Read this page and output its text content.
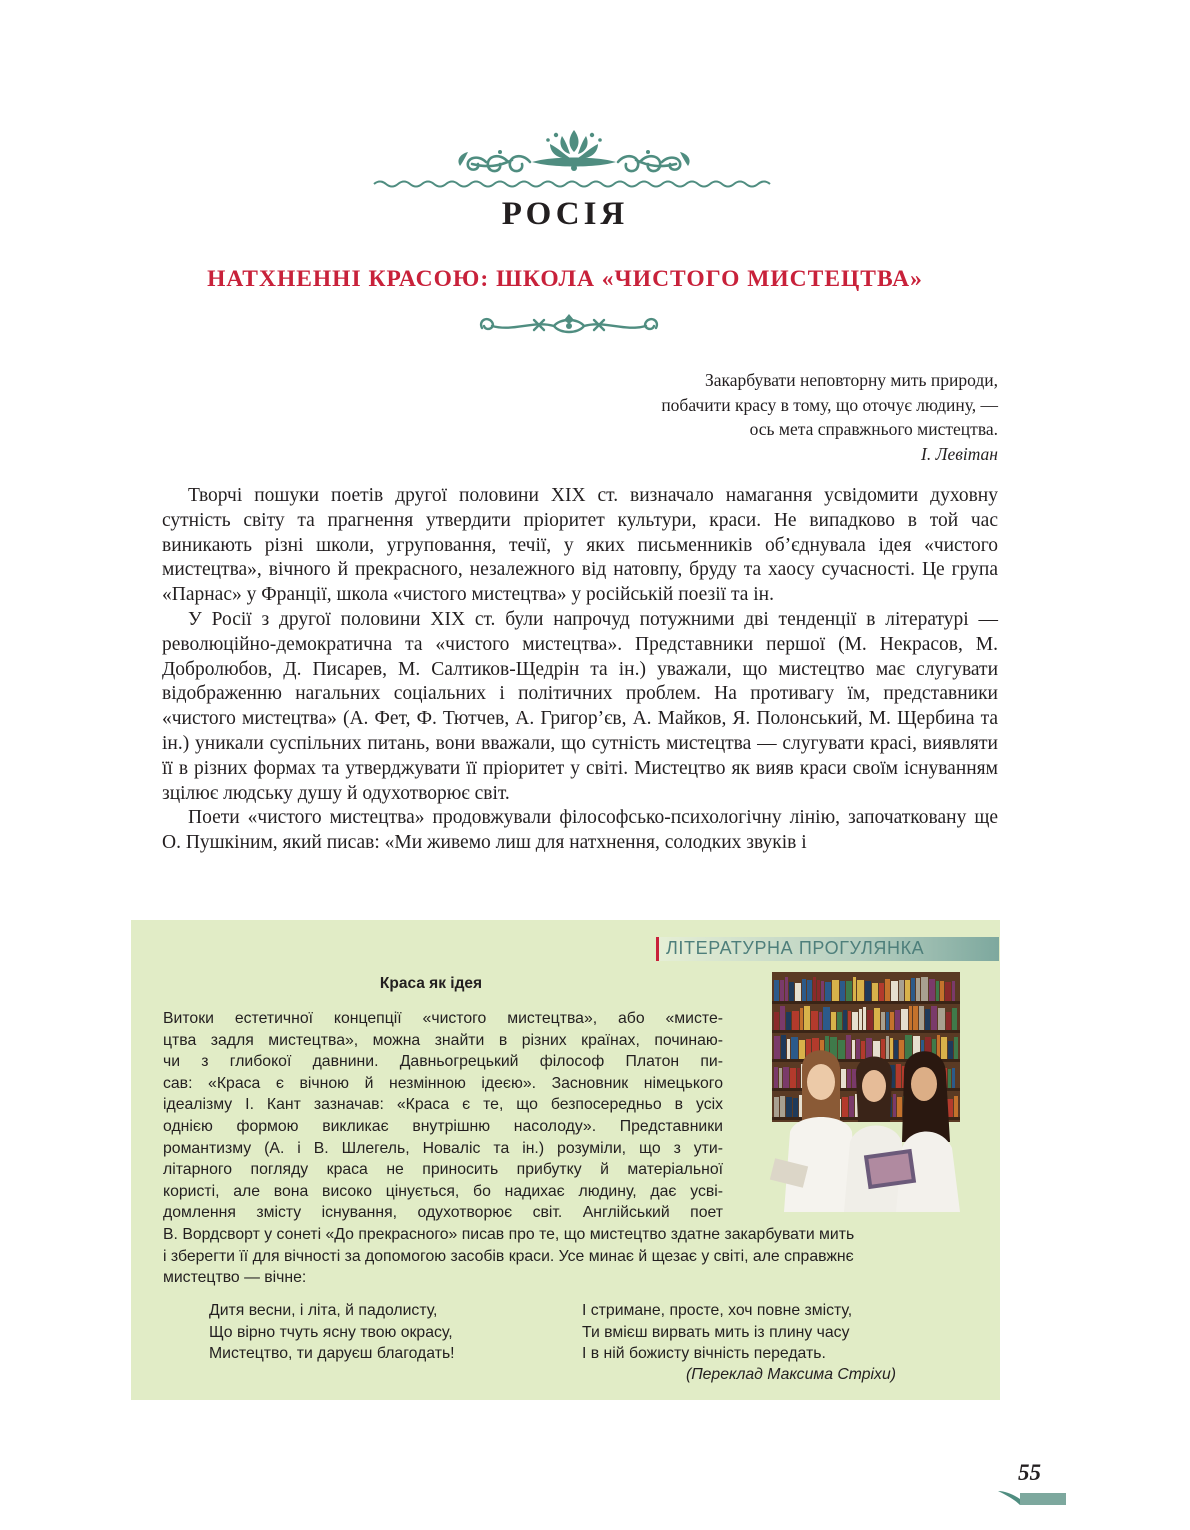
РОСІЯ
НАТХНЕННІ КРАСОЮ: ШКОЛА «ЧИСТОГО МИСТЕЦТВА»
Закарбувати неповторну мить природи,
побачити красу в тому, що оточує людину, —
ось мета справжнього мистецтва.
І. Левітан

Творчі пошуки поетів другої половини XIX ст. визначало намагання усвідомити духовну сутність світу та прагнення утвердити пріоритет культури, краси. Не випадково в той час виникають різні школи, угруповання, течії, у яких письменників об’єднувала ідея «чистого мистецтва», вічного й прекрасного, незалежного від натовпу, бруду та хаосу сучасності. Це група «Парнас» у Франції, школа «чистого мистецтва» у російській поезії та ін.

У Росії з другої половини XIX ст. були напрочуд потужними дві тенденції в літературі — революційно-демократична та «чистого мистецтва». Представники першої (М. Некрасов, М. Добролюбов, Д. Писарев, М. Салтиков-Щедрін та ін.) уважали, що мистецтво має слугувати відображенню нагальних соціальних і політичних проблем. На противагу їм, представники «чистого мистецтва» (А. Фет, Ф. Тютчев, А. Григор’єв, А. Майков, Я. Полонський, М. Щербина та ін.) уникали суспільних питань, вони вважали, що сутність мистецтва — слугувати красі, виявляти її в різних формах та утверджувати її пріоритет у світі. Мистецтво як вияв краси своїм існуванням зцілює людську душу й одухотворює світ.

Поети «чистого мистецтва» продовжували філософсько-психологічну лінію, започатковану ще О. Пушкіним, який писав: «Ми живемо лиш для натхнення, солодких звуків і

ЛІТЕРАТУРНА ПРОГУЛЯНКА
Краса як ідея
Витоки естетичної концепції «чистого мистецтва», або «мисте-
цтва задля мистецтва», можна знайти в різних країнах, починаю-
чи з глибокої давнини. Давньогрецький філософ Платон пи-
сав: «Краса є вічною й незмінною ідеєю». Засновник німецького
ідеалізму І. Кант зазначав: «Краса є те, що безпосередньо в усіх
однією формою викликає внутрішню насолоду». Представники
романтизму (А. і В. Шлегель, Новаліс та ін.) розуміли, що з ути-
літарного погляду краса не приносить прибутку й матеріальної
користі, але вона високо цінується, бо надихає людину, дає усві-
домлення змісту існування, одухотворює світ. Англійський поет
В. Вордсворт у сонеті «До прекрасного» писав про те, що мистецтво здатне закарбувати мить
і зберегти її для вічності за допомогою засобів краси. Усе минає й щезає у світі, але справжнє
мистецтво — вічне:
Дитя весни, і літа, й падолисту,
Що вірно тчуть ясну твою окрасу,
Мистецтво, ти даруєш благодать!
І стримане, просте, хоч повне змісту,
Ти вмієш вирвать мить із плину часу
І в ній божисту вічність передать.
(Переклад Максима Стріхи)
55
